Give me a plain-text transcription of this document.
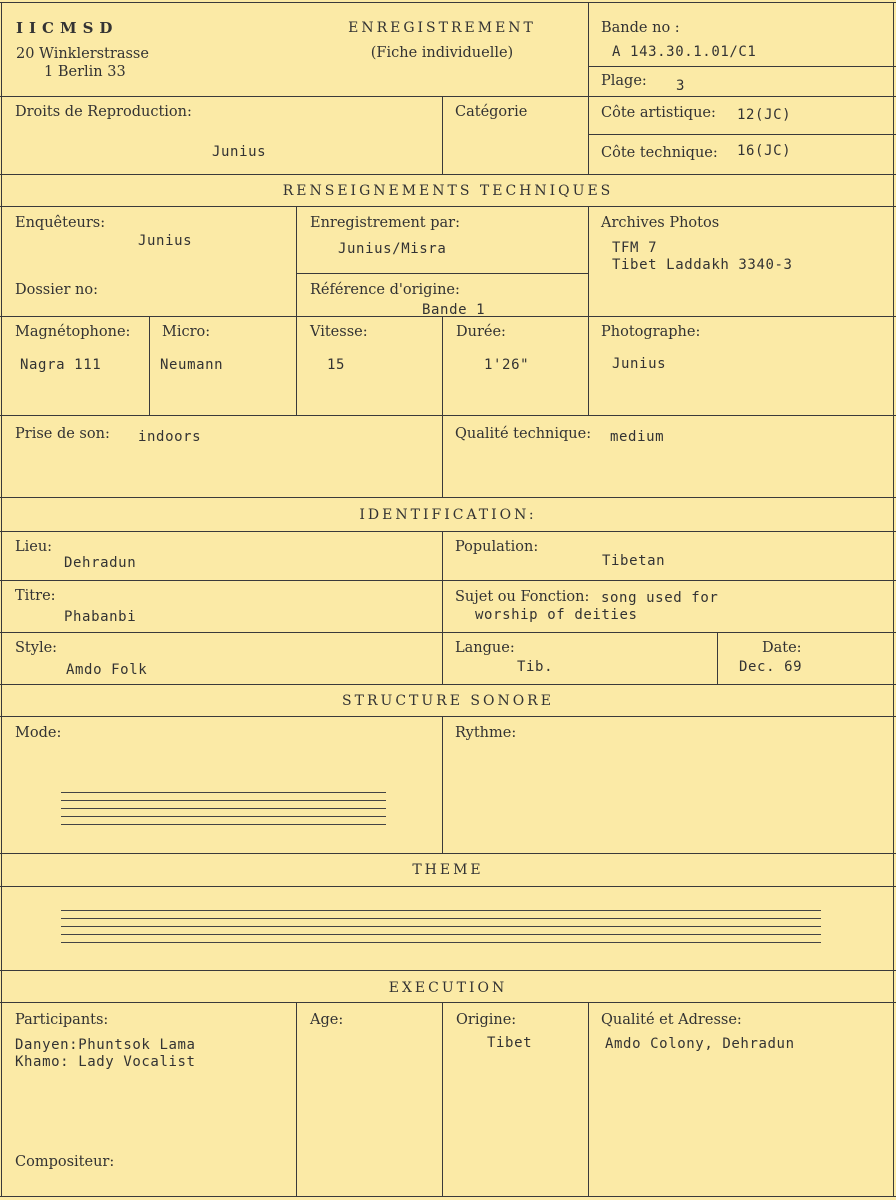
IICMSD
20 Winklerstrasse
1 Berlin 33
ENREGISTREMENT
(Fiche individuelle)
Bande no :
A 143.30.1.01/C1
Plage: 3
Droits de Reproduction:
Junius
Catégorie	Côte artistique: 12(JC)
Côte technique: 16(JC)
RENSEIGNEMENTS TECHNIQUES
Enquêteurs:
Junius
Enregistrement par:
Junius/Misra
Archives Photos
TFM 7
Tibet Laddakh 3340-3
Dossier no:	Référence d'origine:
Bande 1
Magnétophone:
Nagra 111
Micro:
Neumann
Vitesse:
15
Durée:
1'26"
Photographe:
Junius
Prise de son: indoors	Qualité technique: medium
IDENTIFICATION:
Lieu:
Dehradun
Population:
Tibetan
Titre:
Phabanbi
Sujet ou Fonction: song used for
worship of deities
Style:
Amdo Folk
Langue:
Tib.
Date:
Dec. 69
STRUCTURE SONORE
Mode:	Rythme:
THEME
EXECUTION
Participants:
Danyen:Phuntsok Lama
Khamo: Lady Vocalist
Age:	Origine:
Tibet
Qualité et Adresse:
Amdo Colony, Dehradun
Compositeur:
